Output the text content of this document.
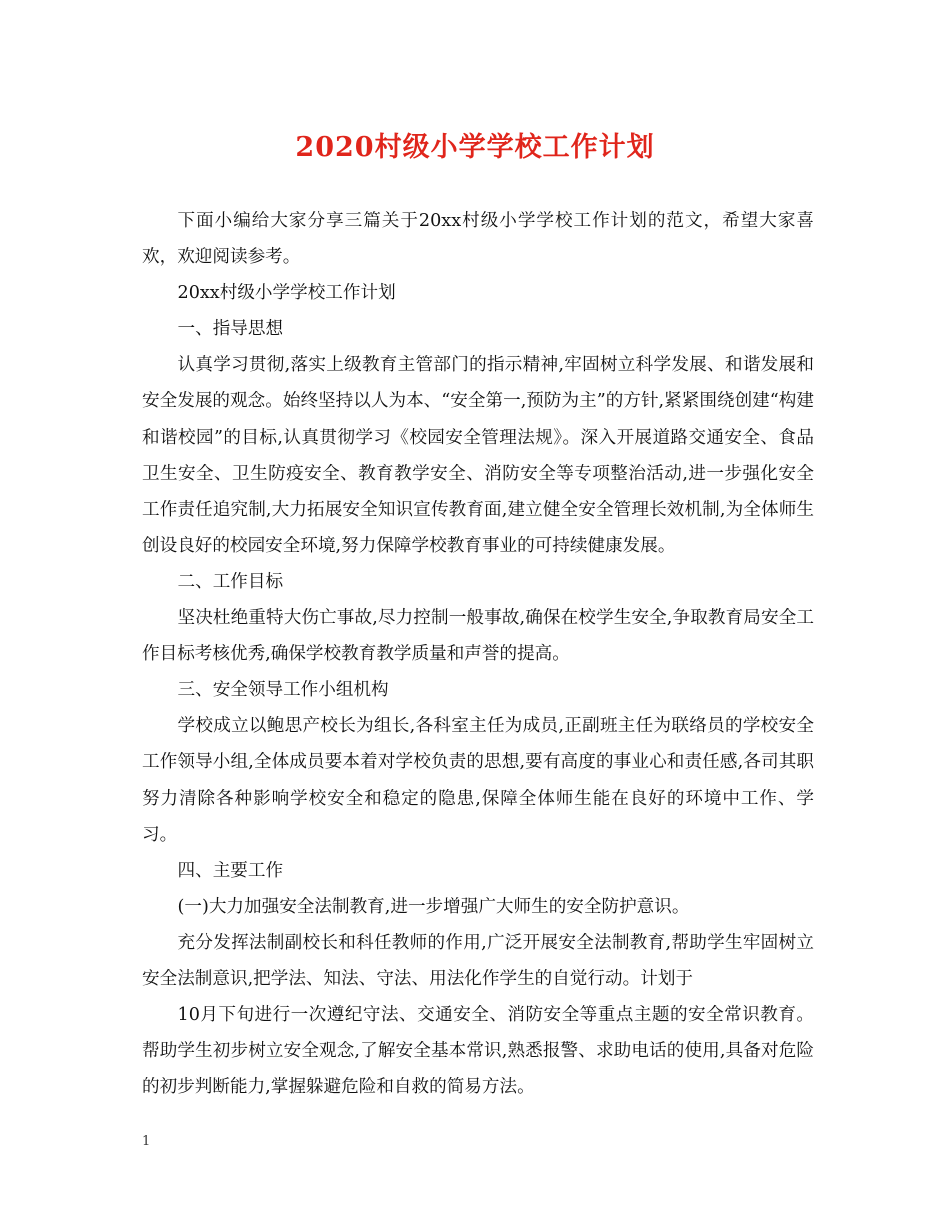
2020村级小学学校工作计划

下面小编给大家分享三篇关于20xx村级小学学校工作计划的范文，希望大家喜欢，欢迎阅读参考。

20xx村级小学学校工作计划

一、指导思想

认真学习贯彻,落实上级教育主管部门的指示精神,牢固树立科学发展、和谐发展和安全发展的观念。始终坚持以人为本、“安全第一,预防为主”的方针,紧紧围绕创建“构建和谐校园”的目标,认真贯彻学习《校园安全管理法规》。深入开展道路交通安全、食品卫生安全、卫生防疫安全、教育教学安全、消防安全等专项整治活动,进一步强化安全工作责任追究制,大力拓展安全知识宣传教育面,建立健全安全管理长效机制,为全体师生创设良好的校园安全环境,努力保障学校教育事业的可持续健康发展。

二、工作目标

坚决杜绝重特大伤亡事故,尽力控制一般事故,确保在校学生安全,争取教育局安全工作目标考核优秀,确保学校教育教学质量和声誉的提高。

三、安全领导工作小组机构

学校成立以鲍思产校长为组长,各科室主任为成员,正副班主任为联络员的学校安全工作领导小组,全体成员要本着对学校负责的思想,要有高度的事业心和责任感,各司其职努力清除各种影响学校安全和稳定的隐患,保障全体师生能在良好的环境中工作、学习。

四、主要工作

(一)大力加强安全法制教育,进一步增强广大师生的安全防护意识。

充分发挥法制副校长和科任教师的作用,广泛开展安全法制教育,帮助学生牢固树立安全法制意识,把学法、知法、守法、用法化作学生的自觉行动。计划于

10月下旬进行一次遵纪守法、交通安全、消防安全等重点主题的安全常识教育。帮助学生初步树立安全观念,了解安全基本常识,熟悉报警、求助电话的使用,具备对危险的初步判断能力,掌握躲避危险和自救的简易方法。

1
